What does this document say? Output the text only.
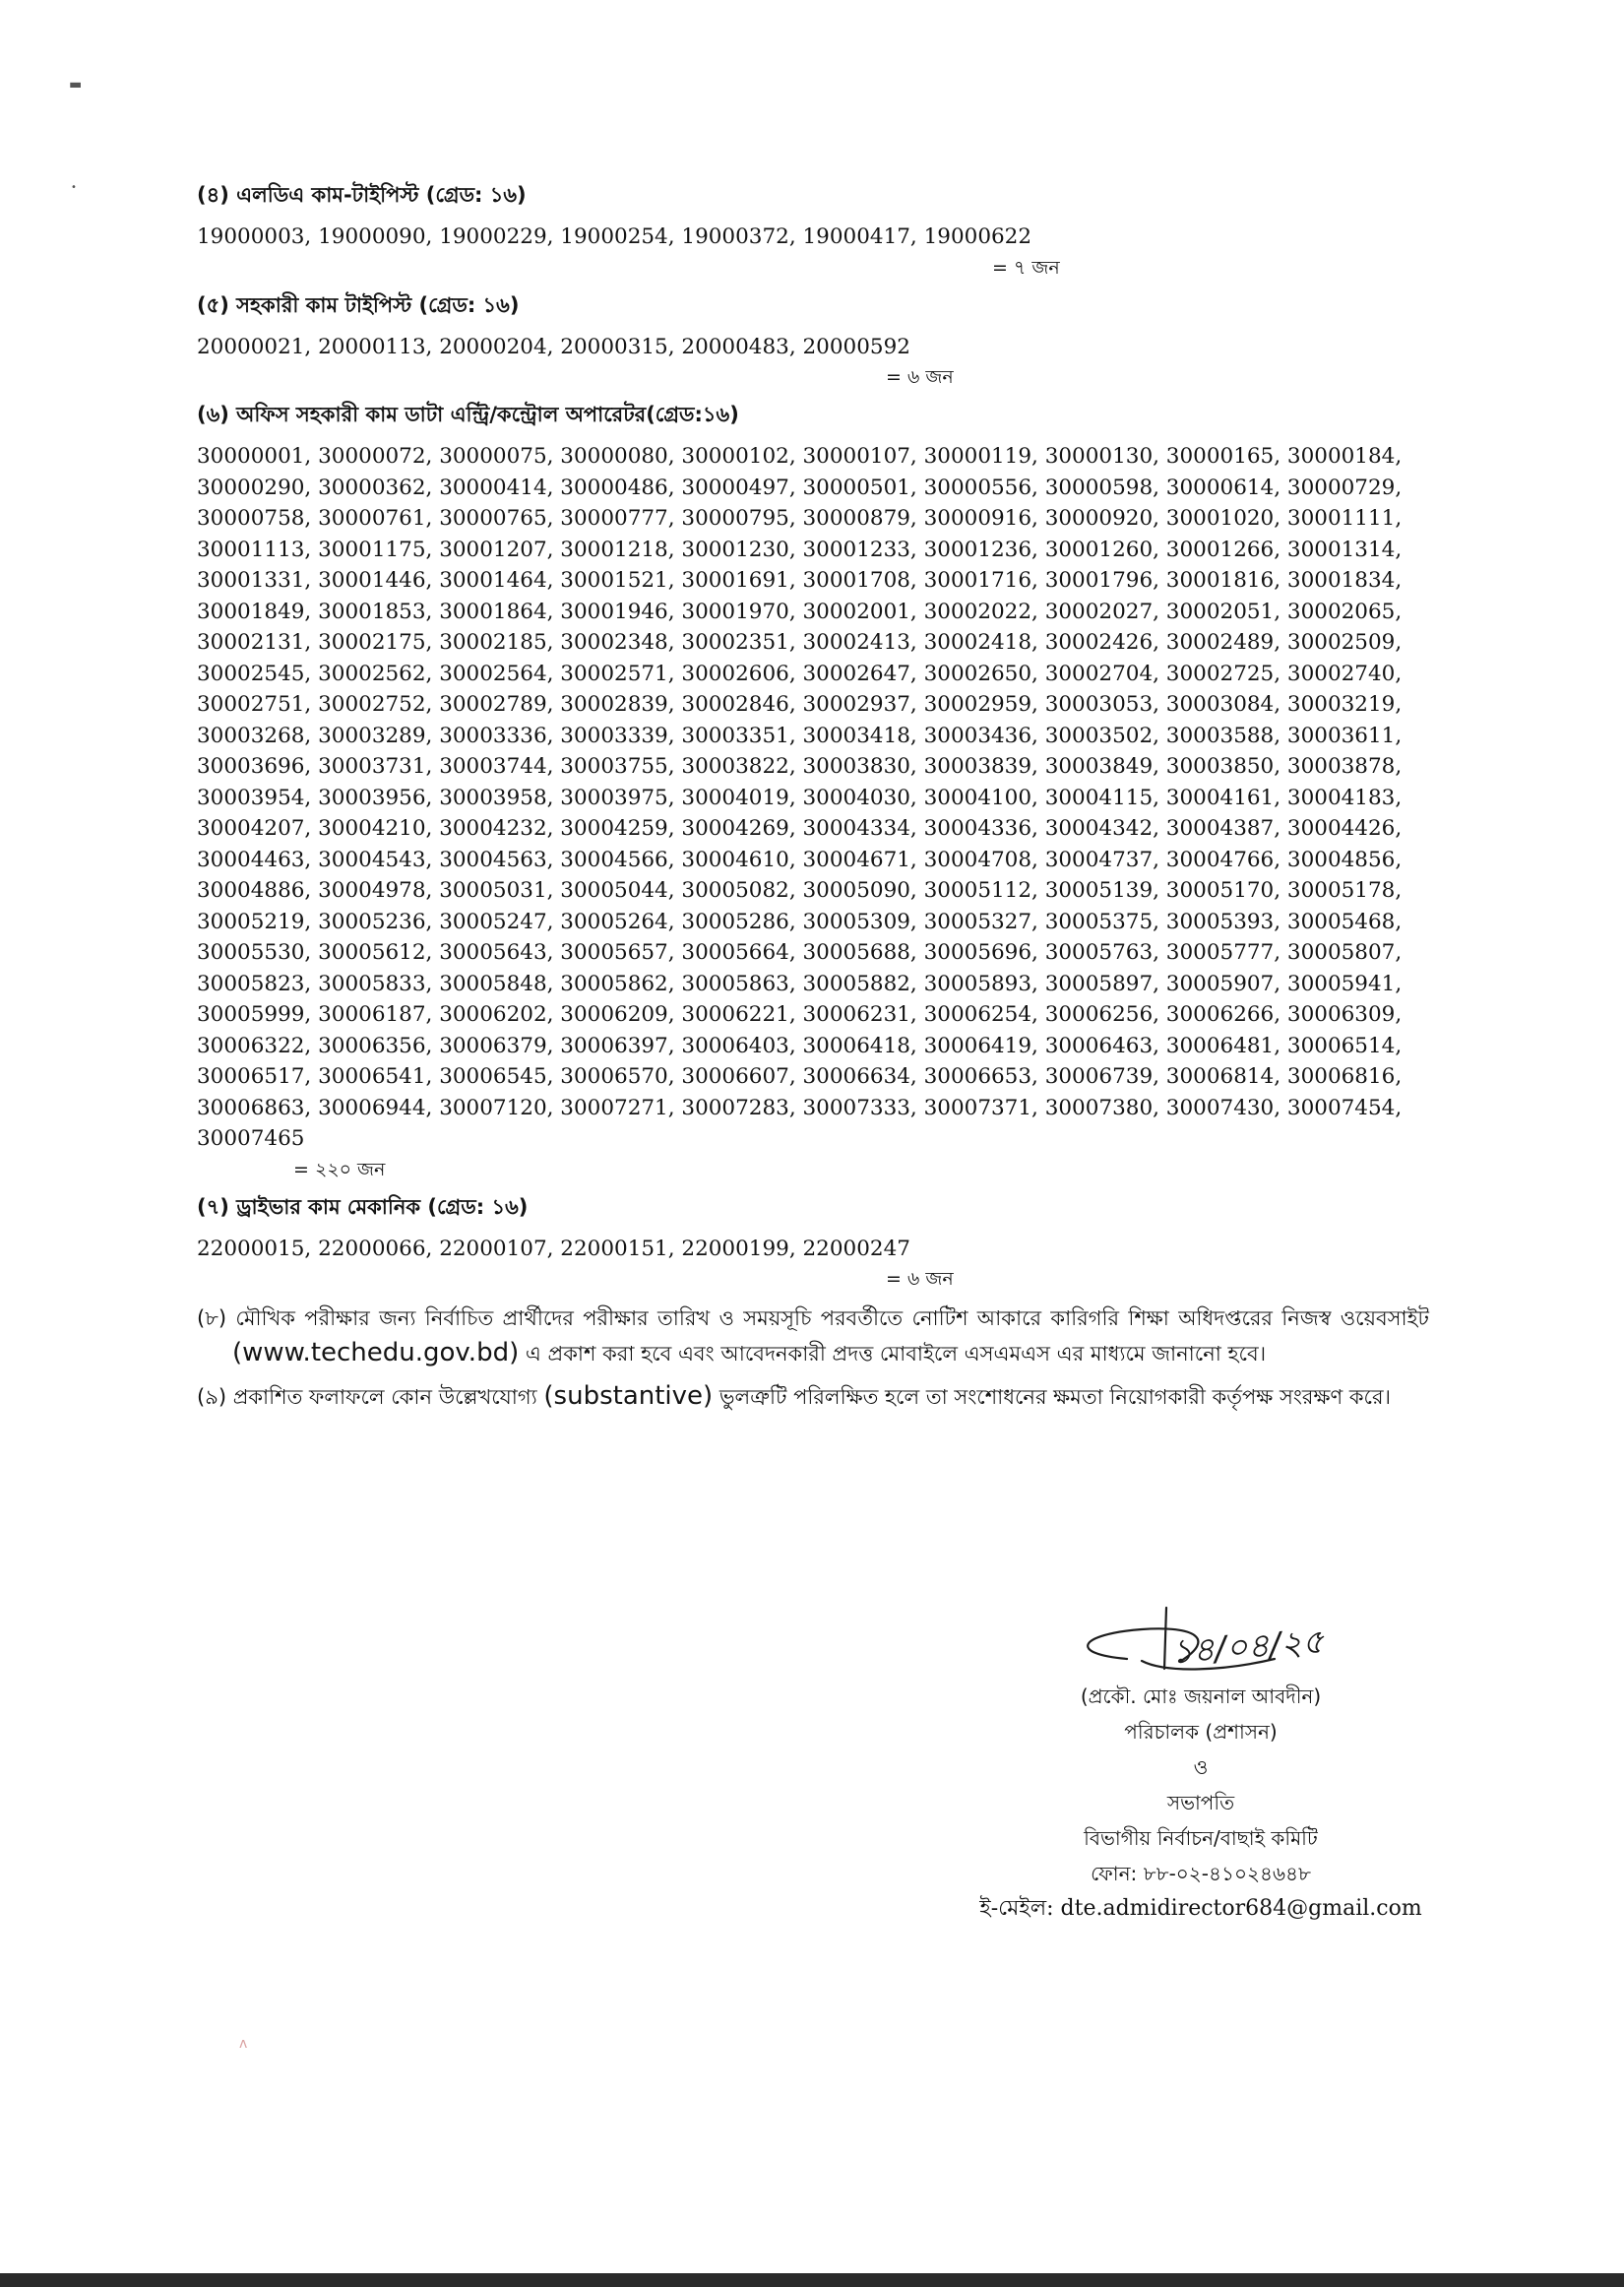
▬
•	(৪) এলডিএ কাম-টাইপিস্ট (গ্রেড: ১৬)
19000003, 19000090, 19000229, 19000254, 19000372, 19000417, 19000622
= ৭ জন
(৫) সহকারী কাম টাইপিস্ট (গ্রেড: ১৬)
20000021, 20000113, 20000204, 20000315, 20000483, 20000592
= ৬ জন
(৬) অফিস সহকারী কাম ডাটা এন্ট্রি/কন্ট্রোল অপারেটর(গ্রেড:১৬)
30000001, 30000072, 30000075, 30000080, 30000102, 30000107, 30000119, 30000130, 30000165, 30000184,
30000290, 30000362, 30000414, 30000486, 30000497, 30000501, 30000556, 30000598, 30000614, 30000729,
30000758, 30000761, 30000765, 30000777, 30000795, 30000879, 30000916, 30000920, 30001020, 30001111,
30001113, 30001175, 30001207, 30001218, 30001230, 30001233, 30001236, 30001260, 30001266, 30001314,
30001331, 30001446, 30001464, 30001521, 30001691, 30001708, 30001716, 30001796, 30001816, 30001834,
30001849, 30001853, 30001864, 30001946, 30001970, 30002001, 30002022, 30002027, 30002051, 30002065,
30002131, 30002175, 30002185, 30002348, 30002351, 30002413, 30002418, 30002426, 30002489, 30002509,
30002545, 30002562, 30002564, 30002571, 30002606, 30002647, 30002650, 30002704, 30002725, 30002740,
30002751, 30002752, 30002789, 30002839, 30002846, 30002937, 30002959, 30003053, 30003084, 30003219,
30003268, 30003289, 30003336, 30003339, 30003351, 30003418, 30003436, 30003502, 30003588, 30003611,
30003696, 30003731, 30003744, 30003755, 30003822, 30003830, 30003839, 30003849, 30003850, 30003878,
30003954, 30003956, 30003958, 30003975, 30004019, 30004030, 30004100, 30004115, 30004161, 30004183,
30004207, 30004210, 30004232, 30004259, 30004269, 30004334, 30004336, 30004342, 30004387, 30004426,
30004463, 30004543, 30004563, 30004566, 30004610, 30004671, 30004708, 30004737, 30004766, 30004856,
30004886, 30004978, 30005031, 30005044, 30005082, 30005090, 30005112, 30005139, 30005170, 30005178,
30005219, 30005236, 30005247, 30005264, 30005286, 30005309, 30005327, 30005375, 30005393, 30005468,
30005530, 30005612, 30005643, 30005657, 30005664, 30005688, 30005696, 30005763, 30005777, 30005807,
30005823, 30005833, 30005848, 30005862, 30005863, 30005882, 30005893, 30005897, 30005907, 30005941,
30005999, 30006187, 30006202, 30006209, 30006221, 30006231, 30006254, 30006256, 30006266, 30006309,
30006322, 30006356, 30006379, 30006397, 30006403, 30006418, 30006419, 30006463, 30006481, 30006514,
30006517, 30006541, 30006545, 30006570, 30006607, 30006634, 30006653, 30006739, 30006814, 30006816,
30006863, 30006944, 30007120, 30007271, 30007283, 30007333, 30007371, 30007380, 30007430, 30007454,
30007465
= ২২০ জন
(৭) ড্রাইভার কাম মেকানিক (গ্রেড: ১৬)
22000015, 22000066, 22000107, 22000151, 22000199, 22000247
= ৬ জন

(৮) মৌখিক পরীক্ষার জন্য নির্বাচিত প্রার্থীদের পরীক্ষার তারিখ ও সময়সূচি পরবর্তীতে নোটিশ আকারে কারিগরি শিক্ষা অধিদপ্তরের নিজস্ব ওয়েবসাইট (www.techedu.gov.bd) এ প্রকাশ করা হবে এবং আবেদনকারী প্রদত্ত মোবাইলে এসএমএস এর মাধ্যমে জানানো হবে।

(৯) প্রকাশিত ফলাফলে কোন উল্লেখযোগ্য (substantive) ভুলত্রুটি পরিলক্ষিত হলে তা সংশোধনের ক্ষমতা নিয়োগকারী কর্তৃপক্ষ সংরক্ষণ করে।

১৪/০৪/২৫
(প্রকৌ. মোঃ জয়নাল আবদীন)
পরিচালক (প্রশাসন)
ও
সভাপতি
বিভাগীয় নির্বাচন/বাছাই কমিটি
ফোন: ৮৮-০২-৪১০২৪৬৪৮
ই-মেইল: dte.admidirector684@gmail.com
ʌ
